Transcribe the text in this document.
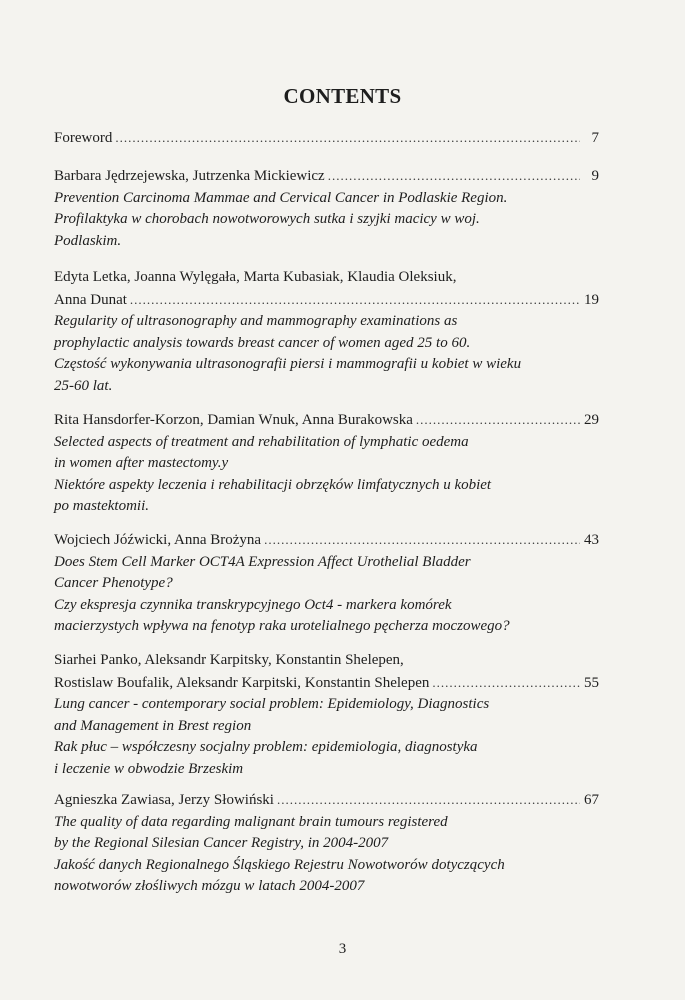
CONTENTS
Foreword .....	7
Barbara Jędrzejewska, Jutrzenka Mickiewicz .....	9
Prevention Carcinoma Mammae and Cervical Cancer in Podlaskie Region.
Profilaktyka w chorobach nowotworowych sutka i szyjki macicy w woj.
Podlaskim.
Edyta Letka, Joanna Wylęgała, Marta Kubasiak, Klaudia Oleksiuk,
Anna Dunat .....	19
Regularity of ultrasonography and mammography examinations as
prophylactic analysis towards breast cancer of women aged 25 to 60.
Częstość wykonywania ultrasonografii piersi i mammografii u kobiet w wieku
25-60 lat.
Rita Hansdorfer-Korzon, Damian Wnuk, Anna Burakowska .....	29
Selected aspects of treatment and rehabilitation of lymphatic oedema
in women after mastectomy.y
Niektóre aspekty leczenia i rehabilitacji obrzęków limfatycznych u kobiet
po mastektomii.
Wojciech Jóźwicki, Anna Brożyna .....	43
Does Stem Cell Marker OCT4A Expression Affect Urothelial Bladder
Cancer Phenotype?
Czy ekspresja czynnika transkrypcyjnego Oct4 - markera komórek
macierzystych wpływa na fenotyp raka urotelialnego pęcherza moczowego?
Siarhei Panko, Aleksandr Karpitsky, Konstantin Shelepen,
Rostislaw Boufalik, Aleksandr Karpitski, Konstantin Shelepen .....	55
Lung cancer - contemporary social problem: Epidemiology, Diagnostics
and Management in Brest region
Rak płuc – współczesny socjalny problem: epidemiologia, diagnostyka
i leczenie w obwodzie Brzeskim
Agnieszka Zawiasa, Jerzy Słowiński .....	67
The quality of data regarding malignant brain tumours registered
by the Regional Silesian Cancer Registry, in 2004-2007
Jakość danych Regionalnego Śląskiego Rejestru Nowotworów dotyczących
nowotworów złośliwych mózgu w latach 2004-2007
3
